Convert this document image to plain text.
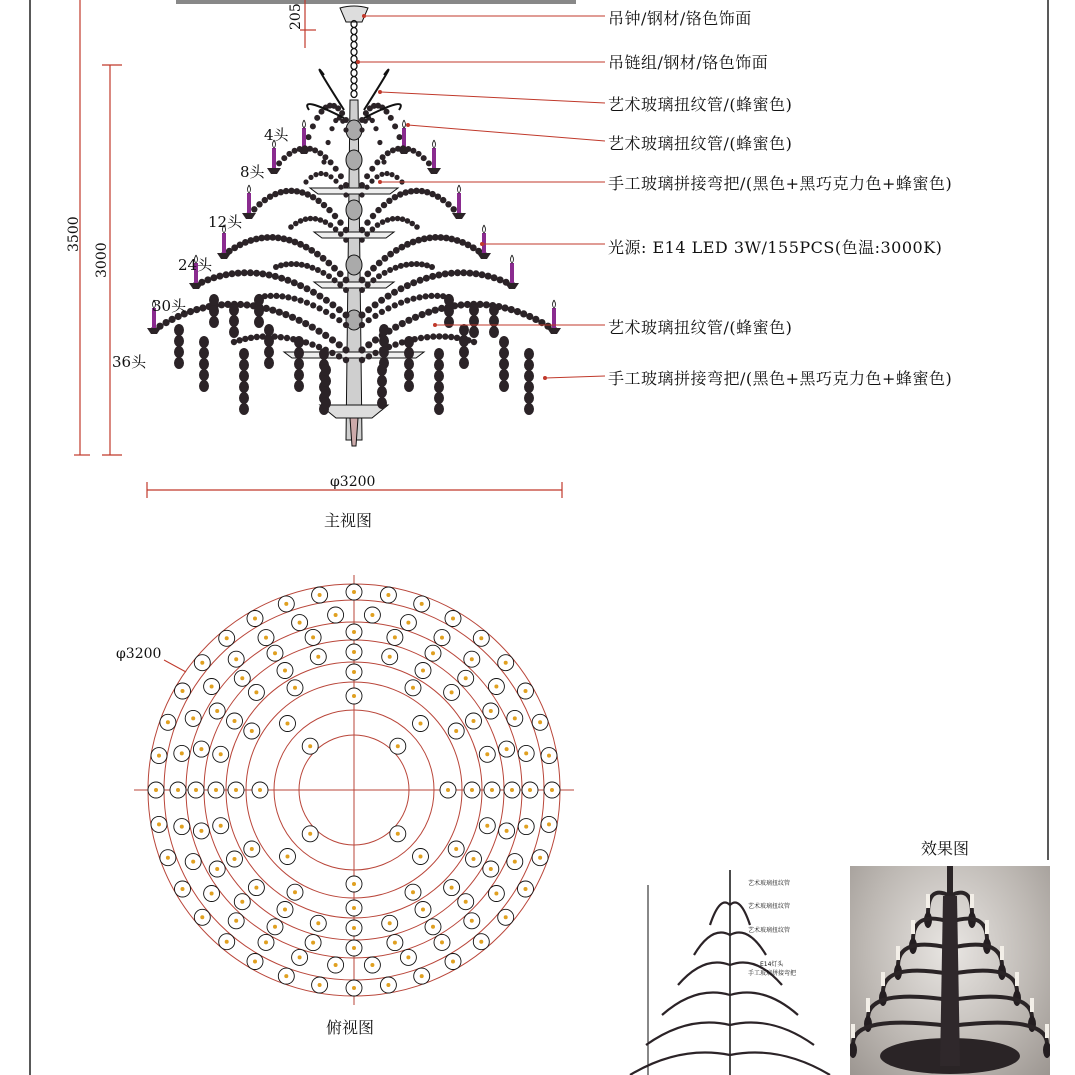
3500
3000
205
φ3200
4头
8头
12头
24头
30头
36头
φ3200
艺术玻璃扭纹管
艺术玻璃扭纹管
艺术玻璃扭纹管
E14灯头
手工玻璃拼接弯把
吊钟/钢材/铬色饰面
吊链组/钢材/铬色饰面
艺术玻璃扭纹管/(蜂蜜色)
艺术玻璃扭纹管/(蜂蜜色)
手工玻璃拼接弯把/(黑色+黑巧克力色+蜂蜜色)
光源: E14 LED 3W/155PCS(色温:3000K)
艺术玻璃扭纹管/(蜂蜜色)
手工玻璃拼接弯把/(黑色+黑巧克力色+蜂蜜色)
主视图
俯视图
效果图
